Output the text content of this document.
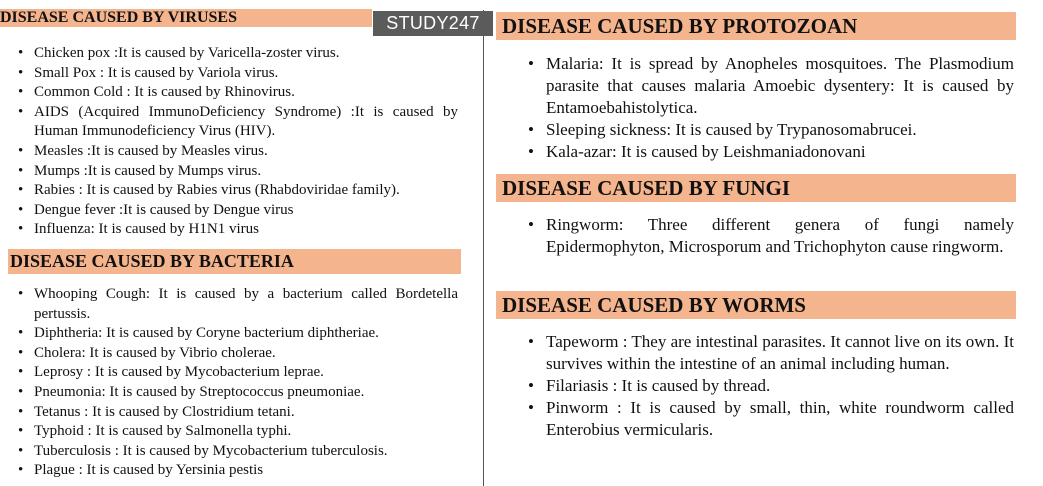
DISEASE CAUSED BY VIRUSES
• Chicken pox :It is caused by Varicella-zoster virus.
• Small Pox : It is caused by Variola virus.
• Common Cold : It is caused by Rhinovirus.
• AIDS (Acquired ImmunoDeficiency Syndrome) :It is caused by Human Immunodeficiency Virus (HIV).
• Measles :It is caused by Measles virus.
• Mumps :It is caused by Mumps virus.
• Rabies : It is caused by Rabies virus (Rhabdoviridae family).
• Dengue fever :It is caused by Dengue virus
• Influenza: It is caused by H1N1 virus
DISEASE CAUSED BY BACTERIA
• Whooping Cough: It is caused by a bacterium called Bordetella pertussis.
• Diphtheria: It is caused by Coryne bacterium diphtheriae.
• Cholera: It is caused by Vibrio cholerae.
• Leprosy : It is caused by Mycobacterium leprae.
• Pneumonia: It is caused by Streptococcus pneumoniae.
• Tetanus : It is caused by Clostridium tetani.
• Typhoid : It is caused by Salmonella typhi.
• Tuberculosis : It is caused by Mycobacterium tuberculosis.
• Plague : It is caused by Yersinia pestis
STUDY247	DISEASE CAUSED BY PROTOZOAN
• Malaria: It is spread by Anopheles mosquitoes. The Plasmodium parasite that causes malaria Amoebic dysentery: It is caused by Entamoebahistolytica.
• Sleeping sickness: It is caused by Trypanosomabrucei.
• Kala-azar: It is caused by Leishmaniadonovani
DISEASE CAUSED BY FUNGI
• Ringworm: Three different genera of fungi namely Epidermophyton, Microsporum and Trichophyton cause ringworm.
DISEASE CAUSED BY WORMS
• Tapeworm : They are intestinal parasites. It cannot live on its own. It survives within the intestine of an animal including human.
• Filariasis : It is caused by thread.
• Pinworm : It is caused by small, thin, white roundworm called Enterobius vermicularis.
